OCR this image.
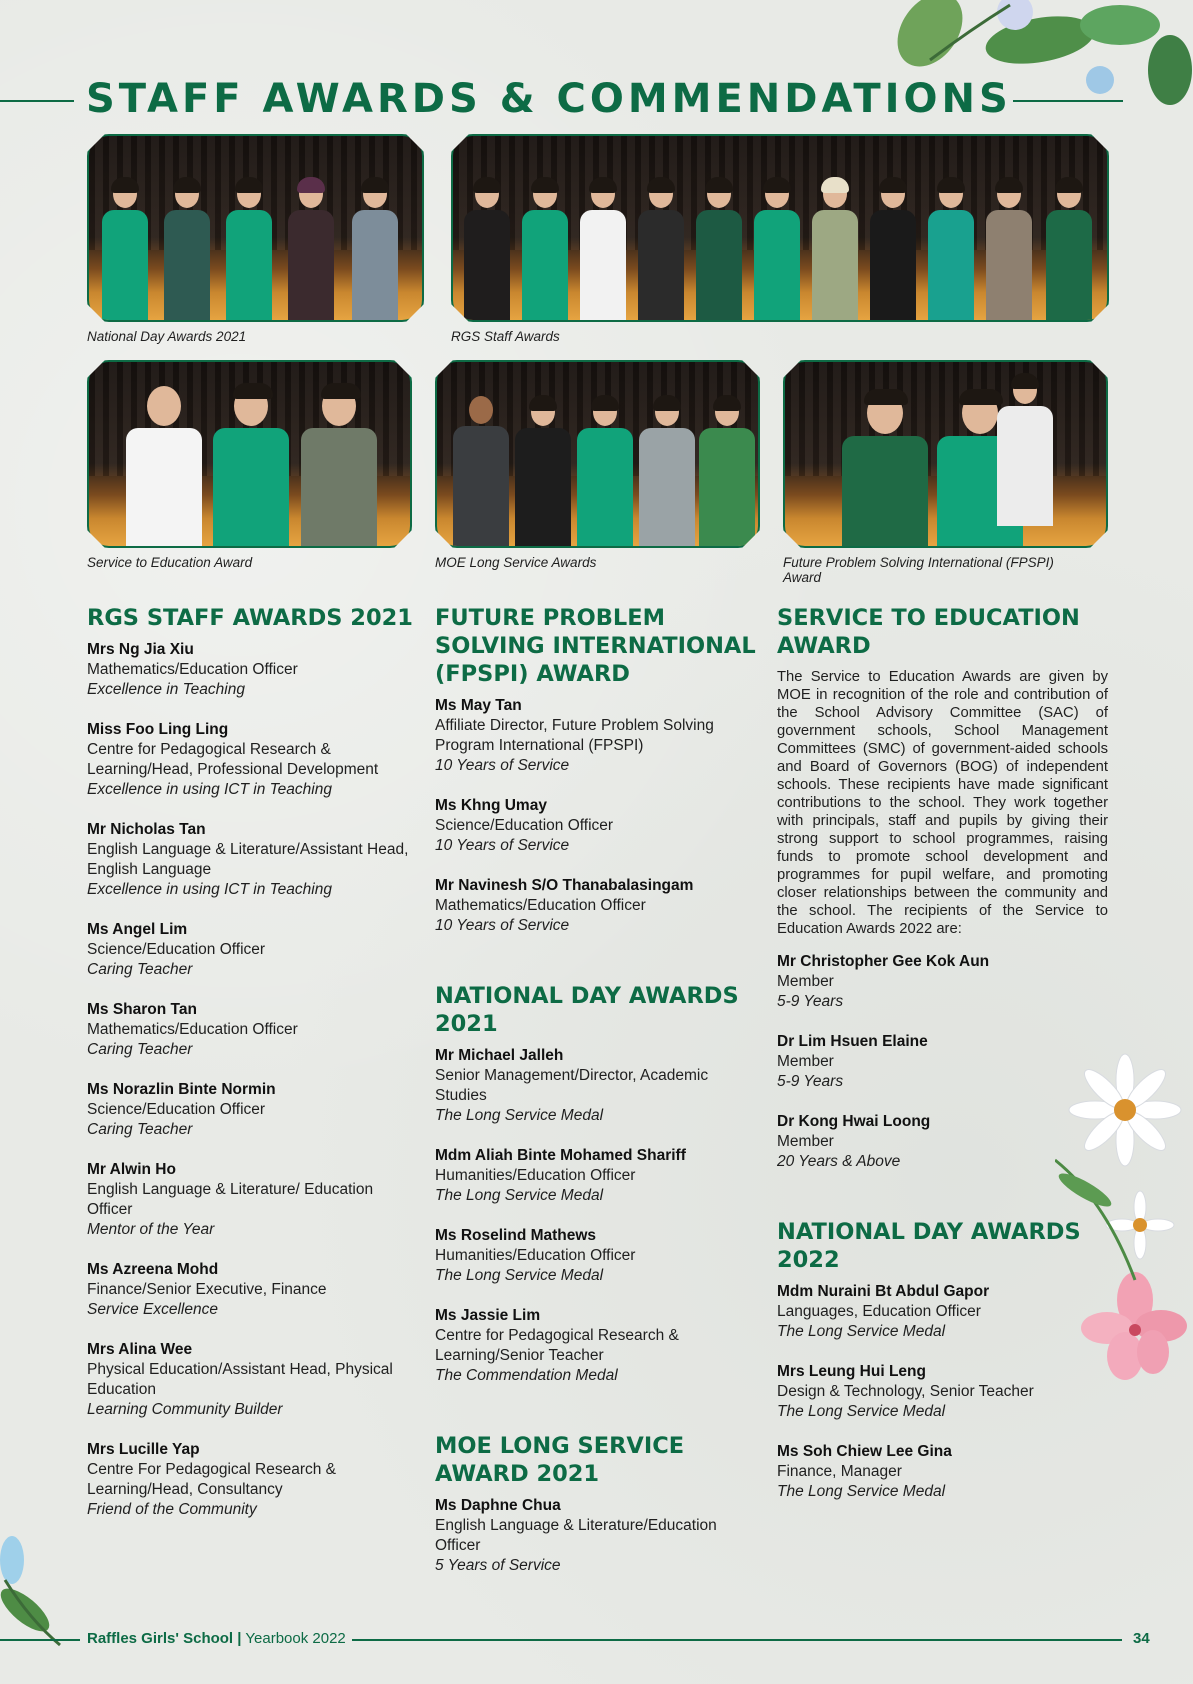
STAFF AWARDS & COMMENDATIONS
National Day Awards 2021	RGS Staff Awards
Service to Education Award	MOE Long Service Awards	Future Problem Solving International (FPSPI) Award
RGS STAFF AWARDS 2021
Mrs Ng Jia Xiu
Mathematics/Education Officer
Excellence in Teaching
Miss Foo Ling Ling
Centre for Pedagogical Research & Learning/Head, Professional Development
Excellence in using ICT in Teaching
Mr Nicholas Tan
English Language & Literature/Assistant Head, English Language
Excellence in using ICT in Teaching
Ms Angel Lim
Science/Education Officer
Caring Teacher
Ms Sharon Tan
Mathematics/Education Officer
Caring Teacher
Ms Norazlin Binte Normin
Science/Education Officer
Caring Teacher
Mr Alwin Ho
English Language & Literature/ Education Officer
Mentor of the Year
Ms Azreena Mohd
Finance/Senior Executive, Finance
Service Excellence
Mrs Alina Wee
Physical Education/Assistant Head, Physical Education
Learning Community Builder
Mrs Lucille Yap
Centre For Pedagogical Research & Learning/Head, Consultancy
Friend of the Community
FUTURE PROBLEM SOLVING INTERNATIONAL (FPSPI) AWARD
Ms May Tan
Affiliate Director, Future Problem Solving Program International (FPSPI)
10 Years of Service
Ms Khng Umay
Science/Education Officer
10 Years of Service
Mr Navinesh S/O Thanabalasingam
Mathematics/Education Officer
10 Years of Service
NATIONAL DAY AWARDS 2021
Mr Michael Jalleh
Senior Management/Director, Academic Studies
The Long Service Medal
Mdm Aliah Binte Mohamed Shariff
Humanities/Education Officer
The Long Service Medal
Ms Roselind Mathews
Humanities/Education Officer
The Long Service Medal
Ms Jassie Lim
Centre for Pedagogical Research & Learning/Senior Teacher
The Commendation Medal
MOE LONG SERVICE AWARD 2021
Ms Daphne Chua
English Language & Literature/Education Officer
5 Years of Service
SERVICE TO EDUCATION AWARD

The Service to Education Awards are given by MOE in recognition of the role and contribution of the School Advisory Committee (SAC) of government schools, School Management Committees (SMC) of government-aided schools and Board of Governors (BOG) of independent schools. These recipients have made significant contributions to the school. They work together with principals, staff and pupils by giving their strong support to school programmes, raising funds to promote school development and programmes for pupil welfare, and promoting closer relationships between the community and the school. The recipients of the Service to Education Awards 2022 are:

Mr Christopher Gee Kok Aun
Member
5-9 Years
Dr Lim Hsuen Elaine
Member
5-9 Years
Dr Kong Hwai Loong
Member
20 Years & Above
NATIONAL DAY AWARDS 2022
Mdm Nuraini Bt Abdul Gapor
Languages, Education Officer
The Long Service Medal
Mrs Leung Hui Leng
Design & Technology, Senior Teacher
The Long Service Medal
Ms Soh Chiew Lee Gina
Finance, Manager
The Long Service Medal
Raffles Girls' School | Yearbook 2022	34
